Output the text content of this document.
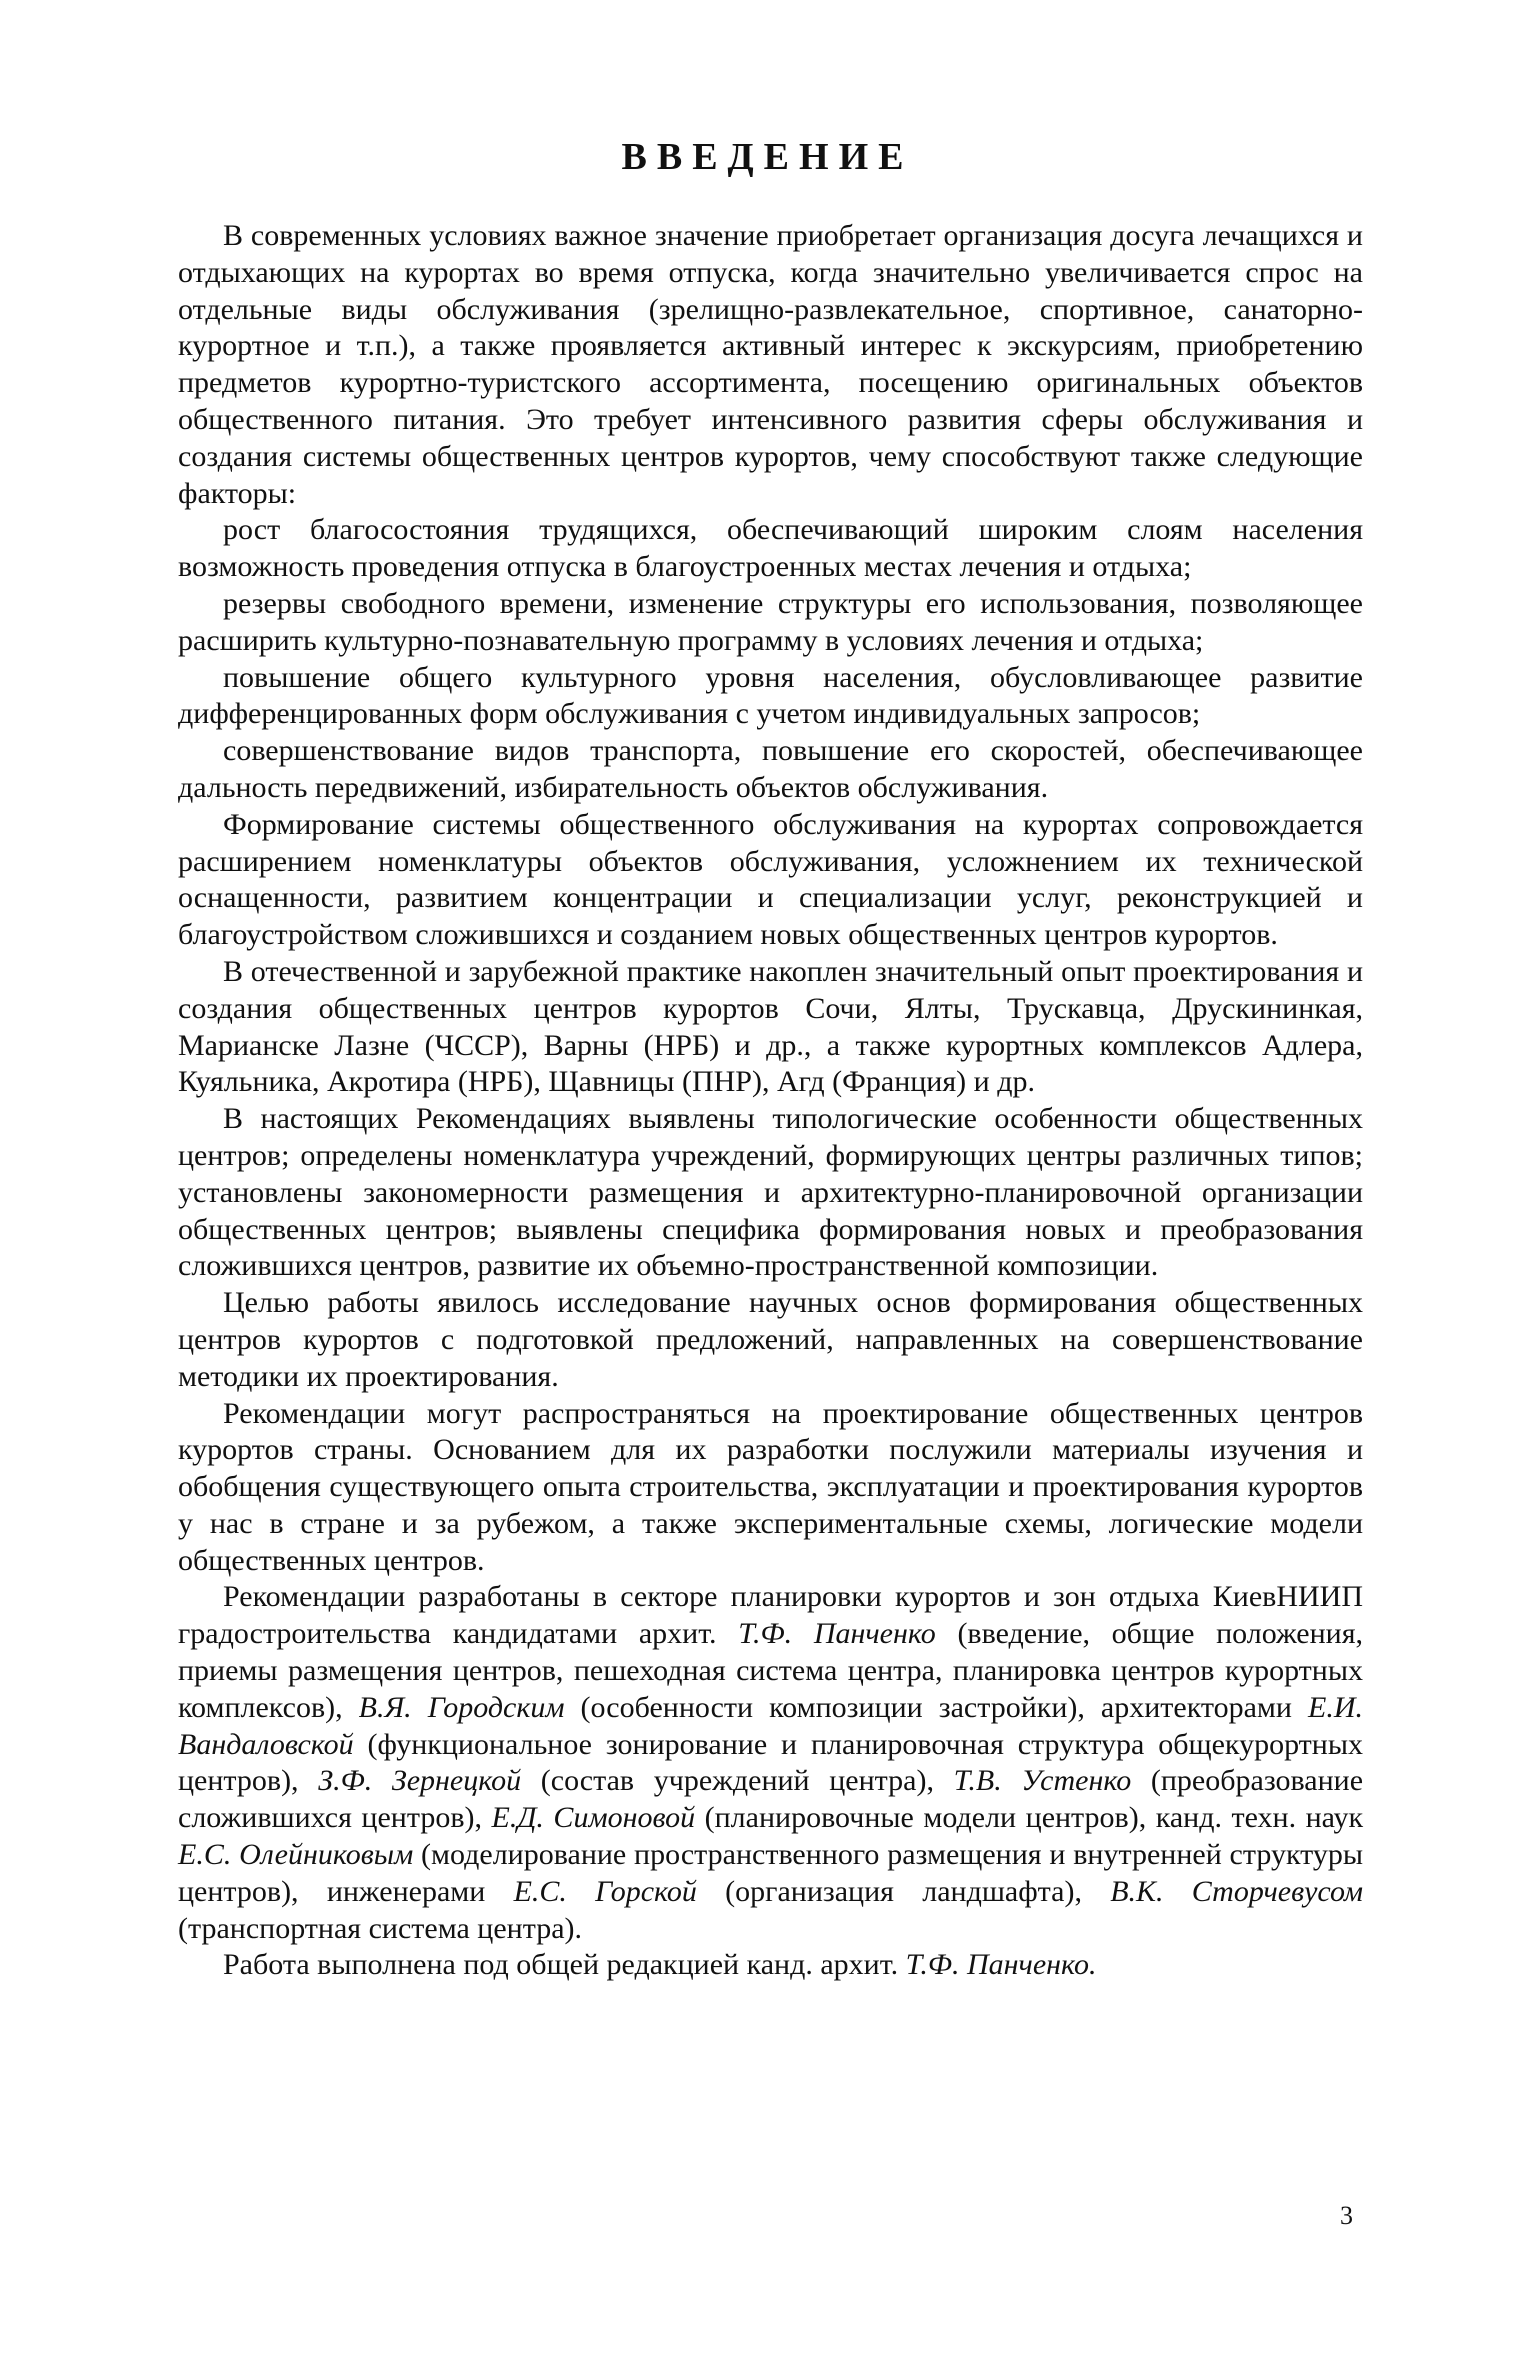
ВВЕДЕНИЕ

В современных условиях важное значение приобретает организация досуга лечащихся и отдыхающих на курортах во время отпуска, когда значительно увеличивается спрос на отдельные виды обслуживания (зрелищно-развлекательное, спортивное, санаторно-курортное и т.п.), а также проявляется активный интерес к экскурсиям, приобретению предметов курортно-туристского ассортимента, посещению оригинальных объектов общественного питания. Это требует интенсивного развития сферы обслуживания и создания системы общественных центров курортов, чему способствуют также следующие факторы:

рост благосостояния трудящихся, обеспечивающий широким слоям населения возможность проведения отпуска в благоустроенных местах лечения и отдыха;

резервы свободного времени, изменение структуры его использования, позволяющее расширить культурно-познавательную программу в условиях лечения и отдыха;

повышение общего культурного уровня населения, обусловливающее развитие дифференцированных форм обслуживания с учетом индивидуальных запросов;

совершенствование видов транспорта, повышение его скоростей, обеспечивающее дальность передвижений, избирательность объектов обслуживания.

Формирование системы общественного обслуживания на курортах сопровождается расширением номенклатуры объектов обслуживания, усложнением их технической оснащенности, развитием концентрации и специализации услуг, реконструкцией и благоустройством сложившихся и созданием новых общественных центров курортов.

В отечественной и зарубежной практике накоплен значительный опыт проектирования и создания общественных центров курортов Сочи, Ялты, Трускавца, Друскининкая, Марианске Лазне (ЧССР), Варны (НРБ) и др., а также курортных комплексов Адлера, Куяльника, Акротира (НРБ), Щавницы (ПНР), Агд (Франция) и др.

В настоящих Рекомендациях выявлены типологические особенности общественных центров; определены номенклатура учреждений, формирующих центры различных типов; установлены закономерности размещения и архитектурно-планировочной организации общественных центров; выявлены специфика формирования новых и преобразования сложившихся центров, развитие их объемно-пространственной композиции.

Целью работы явилось исследование научных основ формирования общественных центров курортов с подготовкой предложений, направленных на совершенствование методики их проектирования.

Рекомендации могут распространяться на проектирование общественных центров курортов страны. Основанием для их разработки послужили материалы изучения и обобщения существующего опыта строительства, эксплуатации и проектирования курортов у нас в стране и за рубежом, а также экспериментальные схемы, логические модели общественных центров.

Рекомендации разработаны в секторе планировки курортов и зон отдыха КиевНИИП градостроительства кандидатами архит. Т.Ф. Панченко (введение, общие положения, приемы размещения центров, пешеходная система центра, планировка центров курортных комплексов), В.Я. Городским (особенности композиции застройки), архитекторами Е.И. Вандаловской (функциональное зонирование и планировочная структура общекурортных центров), З.Ф. Зернецкой (состав учреждений центра), Т.В. Устенко (преобразование сложившихся центров), Е.Д. Симоновой (планировочные модели центров), канд. техн. наук Е.С. Олейниковым (моделирование пространственного размещения и внутренней структуры центров), инженерами Е.С. Горской (организация ландшафта), В.К. Сторчевусом (транспортная система центра).

Работа выполнена под общей редакцией канд. архит. Т.Ф. Панченко.

3
